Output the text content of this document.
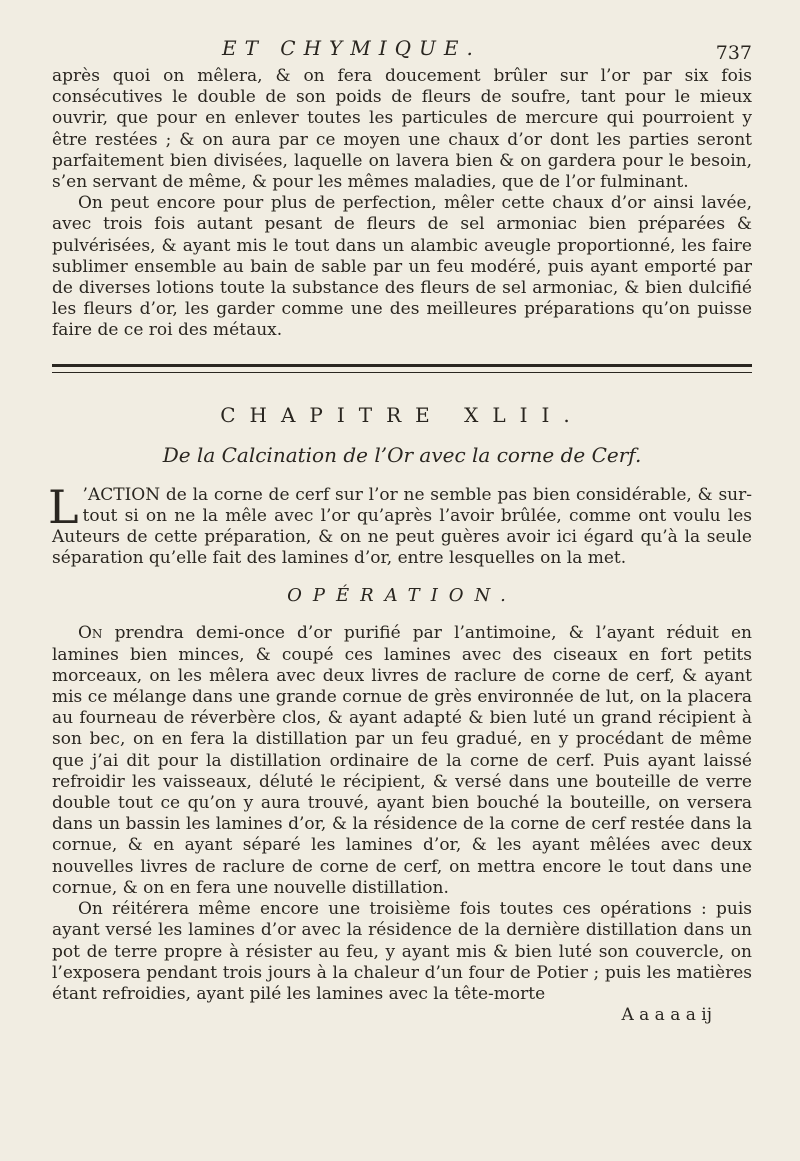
ET CHYMIQUE.	737

après quoi on mêlera, & on fera doucement brûler sur l’or par six fois consécutives le double de son poids de fleurs de soufre, tant pour le mieux ouvrir, que pour en enlever toutes les particules de mercure qui pourroient y être restées ; & on aura par ce moyen une chaux d’or dont les parties seront parfaitement bien divisées, laquelle on lavera bien & on gardera pour le besoin, s’en servant de même, & pour les mêmes maladies, que de l’or fulminant.

On peut encore pour plus de perfection, mêler cette chaux d’or ainsi lavée, avec trois fois autant pesant de fleurs de sel armoniac bien préparées & pulvérisées, & ayant mis le tout dans un alambic aveugle proportionné, les faire sublimer ensemble au bain de sable par un feu modéré, puis ayant emporté par de diverses lotions toute la substance des fleurs de sel armoniac, & bien dulcifié les fleurs d’or, les garder comme une des meilleures préparations qu’on puisse faire de ce roi des métaux.

CHAPITRE XLII.
De la Calcination de l’Or avec la corne de Cerf.

L ’ACTION de la corne de cerf sur l’or ne semble pas bien considérable, & sur-tout si on ne la mêle avec l’or qu’après l’avoir brûlée, comme ont voulu les Auteurs de cette préparation, & on ne peut guères avoir ici égard qu’à la seule séparation qu’elle fait des lamines d’or, entre lesquelles on la met.

OPÉRATION.

On prendra demi-once d’or purifié par l’antimoine, & l’ayant réduit en lamines bien minces, & coupé ces lamines avec des ciseaux en fort petits morceaux, on les mêlera avec deux livres de raclure de corne de cerf, & ayant mis ce mélange dans une grande cornue de grès environnée de lut, on la placera au fourneau de réverbère clos, & ayant adapté & bien luté un grand récipient à son bec, on en fera la distillation par un feu gradué, en y procédant de même que j’ai dit pour la distillation ordinaire de la corne de cerf. Puis ayant laissé refroidir les vaisseaux, déluté le récipient, & versé dans une bouteille de verre double tout ce qu’on y aura trouvé, ayant bien bouché la bouteille, on versera dans un bassin les lamines d’or, & la résidence de la corne de cerf restée dans la cornue, & en ayant séparé les lamines d’or, & les ayant mêlées avec deux nouvelles livres de raclure de corne de cerf, on mettra encore le tout dans une cornue, & on en fera une nouvelle distillation.

On réitérera même encore une troisième fois toutes ces opérations : puis ayant versé les lamines d’or avec la résidence de la dernière distillation dans un pot de terre propre à résister au feu, y ayant mis & bien luté son couvercle, on l’exposera pendant trois jours à la chaleur d’un four de Potier ; puis les matières étant refroidies, ayant pilé les lamines avec la tête-morte

A a a a a ij
